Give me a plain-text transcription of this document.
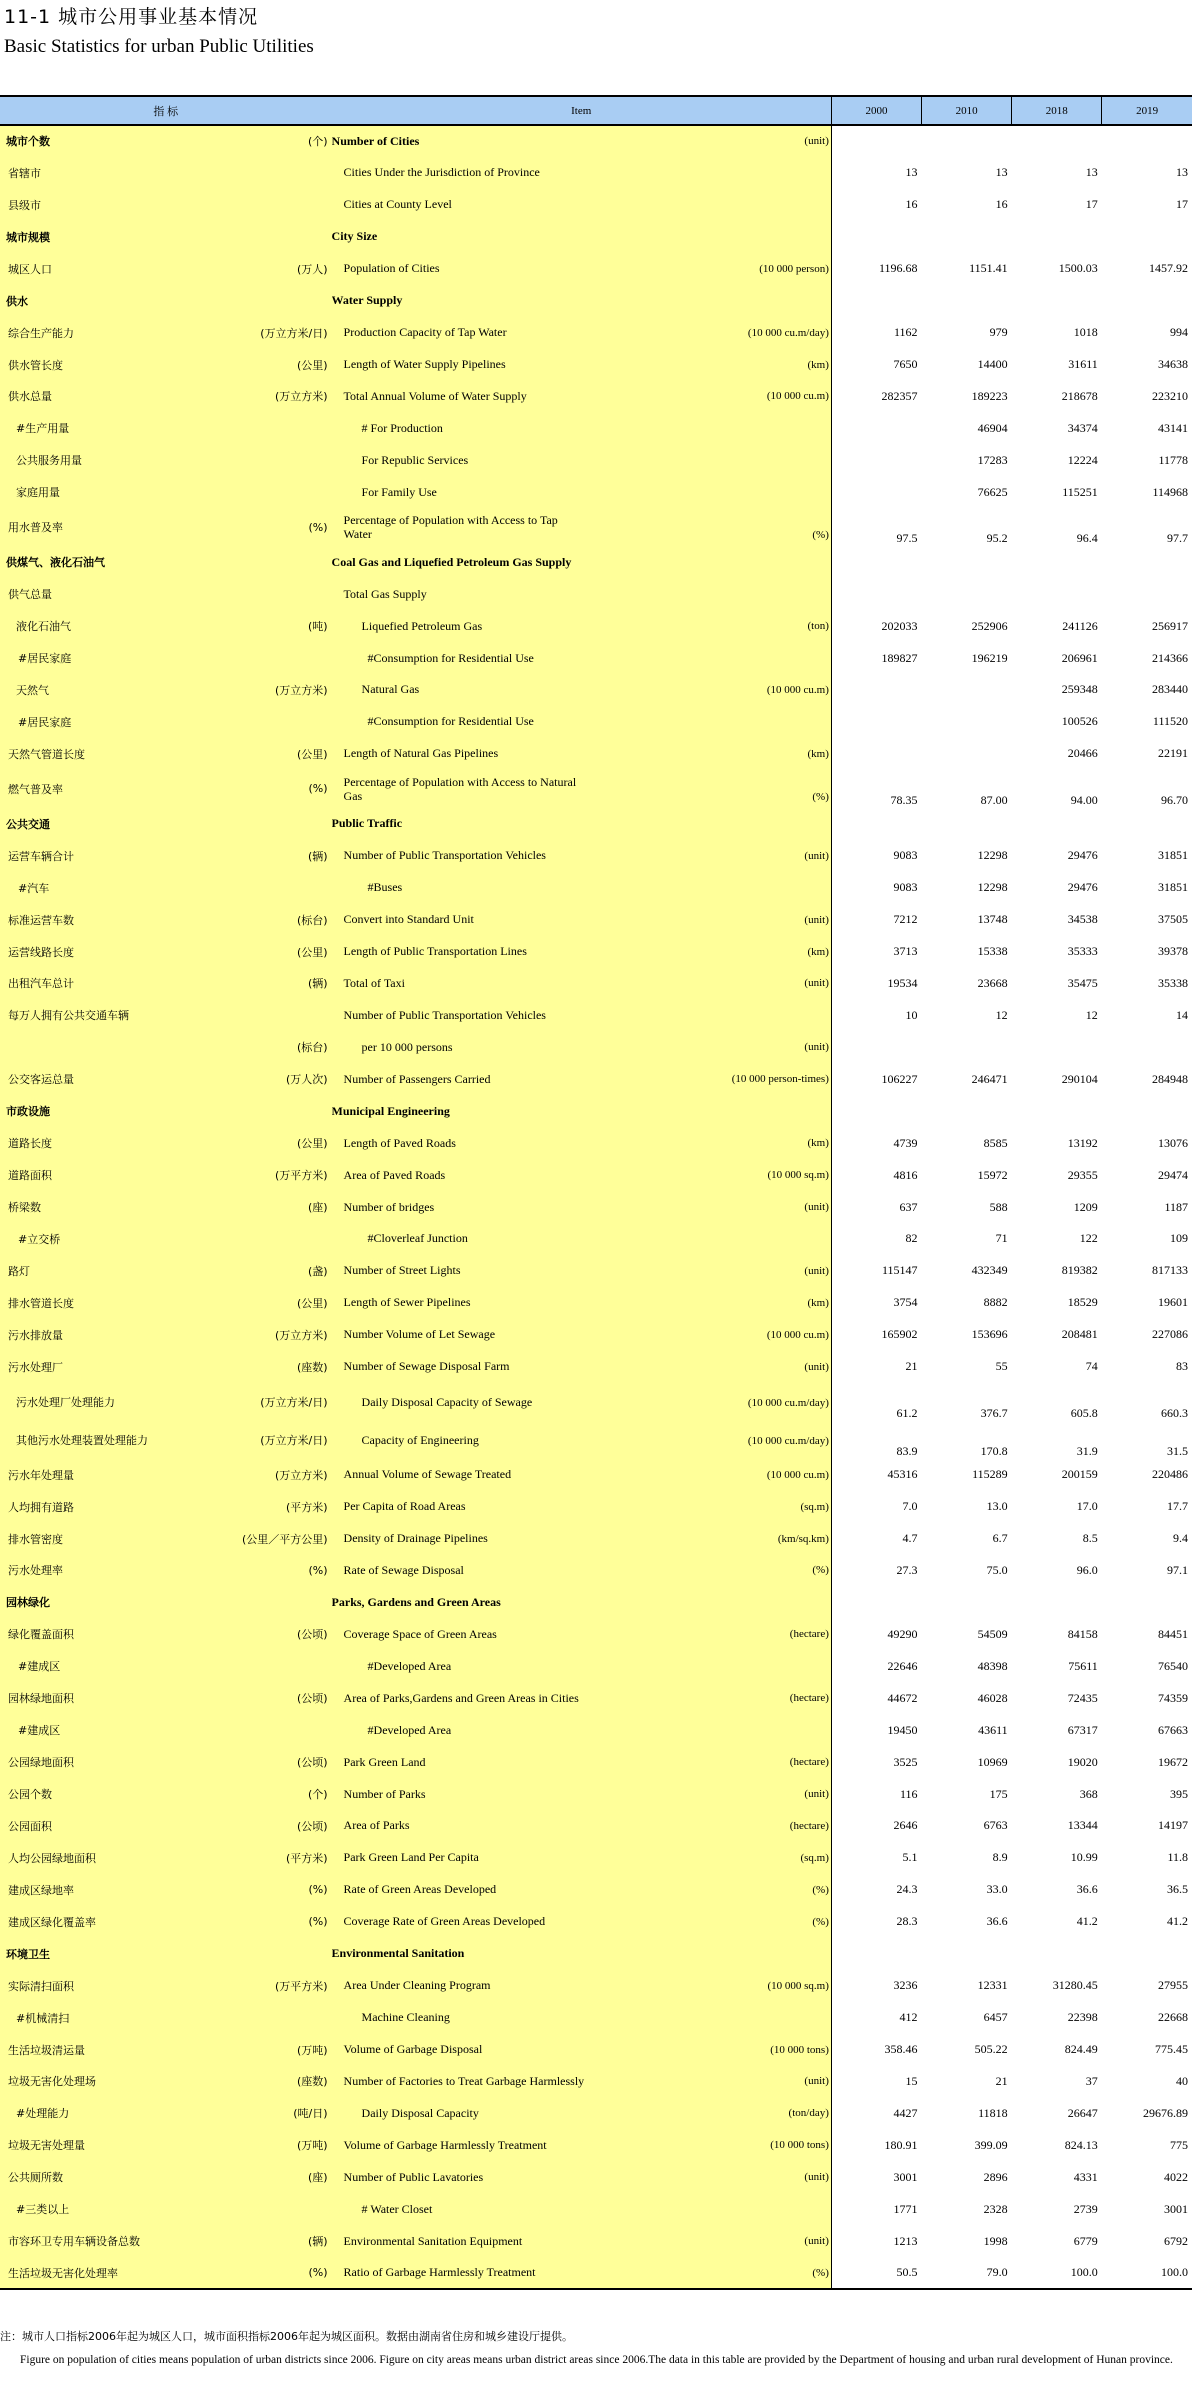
11-1 城市公用事业基本情况
Basic Statistics for urban Public Utilities
指 标	Item	2000	2010	2018	2019

城市个数 (个)	Number of Cities (unit)				

省辖市	Cities Under the Jurisdiction of Province	13	13	13	13

县级市	Cities at County Level	16	16	17	17

城市规模	City Size				

城区人口 (万人)	Population of Cities (10 000 person)	1196.68	1151.41	1500.03	1457.92

供水	Water Supply				

综合生产能力 (万立方米/日)	Production Capacity of Tap Water (10 000 cu.m/day)	1162	979	1018	994

供水管长度 (公里)	Length of Water Supply Pipelines (km)	7650	14400	31611	34638

供水总量 (万立方米)	Total Annual Volume of Water Supply (10 000 cu.m)	282357	189223	218678	223210

#生产用量	# For Production		46904	34374	43141

公共服务用量	For Republic Services		17283	12224	11778

家庭用量	For Family Use		76625	115251	114968

用水普及率 (%)	Percentage of Population with Access to Tap Water (%)	97.5	95.2	96.4	97.7

供煤气、液化石油气	Coal Gas and Liquefied Petroleum Gas Supply				

供气总量	Total Gas Supply				

液化石油气 (吨)	Liquefied Petroleum Gas (ton)	202033	252906	241126	256917

#居民家庭	#Consumption for Residential Use	189827	196219	206961	214366

天然气 (万立方米)	Natural Gas (10 000 cu.m)			259348	283440

#居民家庭	#Consumption for Residential Use			100526	111520

天然气管道长度 (公里)	Length of Natural Gas Pipelines (km)			20466	22191

燃气普及率 (%)	Percentage of Population with Access to Natural Gas (%)	78.35	87.00	94.00	96.70

公共交通	Public Traffic				

运营车辆合计 (辆)	Number of Public Transportation Vehicles (unit)	9083	12298	29476	31851

#汽车	#Buses	9083	12298	29476	31851

标准运营车数 (标台)	Convert into Standard Unit (unit)	7212	13748	34538	37505

运营线路长度 (公里)	Length of Public Transportation Lines (km)	3713	15338	35333	39378

出租汽车总计 (辆)	Total of Taxi (unit)	19534	23668	35475	35338

每万人拥有公共交通车辆	Number of Public Transportation Vehicles	10	12	12	14

(标台)	per 10 000 persons (unit)				

公交客运总量 (万人次)	Number of Passengers Carried (10 000 person-times)	106227	246471	290104	284948

市政设施	Municipal Engineering				

道路长度 (公里)	Length of Paved Roads (km)	4739	8585	13192	13076

道路面积 (万平方米)	Area of Paved Roads (10 000 sq.m)	4816	15972	29355	29474

桥梁数 (座)	Number of bridges (unit)	637	588	1209	1187

#立交桥	#Cloverleaf Junction	82	71	122	109

路灯 (盏)	Number of Street Lights (unit)	115147	432349	819382	817133

排水管道长度 (公里)	Length of Sewer Pipelines (km)	3754	8882	18529	19601

污水排放量 (万立方米)	Number Volume of Let Sewage (10 000 cu.m)	165902	153696	208481	227086

污水处理厂 (座数)	Number of Sewage Disposal Farm (unit)	21	55	74	83

污水处理厂处理能力 (万立方米/日)	Daily Disposal Capacity of Sewage (10 000 cu.m/day)	61.2	376.7	605.8	660.3

其他污水处理装置处理能力 (万立方米/日)	Capacity of Engineering (10 000 cu.m/day)	83.9	170.8	31.9	31.5

污水年处理量 (万立方米)	Annual Volume of Sewage Treated (10 000 cu.m)	45316	115289	200159	220486

人均拥有道路 (平方米)	Per Capita of Road Areas (sq.m)	7.0	13.0	17.0	17.7

排水管密度 (公里／平方公里)	Density of Drainage Pipelines (km/sq.km)	4.7	6.7	8.5	9.4

污水处理率 (%)	Rate of Sewage Disposal (%)	27.3	75.0	96.0	97.1

园林绿化	Parks, Gardens and Green Areas				

绿化覆盖面积 (公顷)	Coverage Space of Green Areas (hectare)	49290	54509	84158	84451

#建成区	#Developed Area	22646	48398	75611	76540

园林绿地面积 (公顷)	Area of Parks,Gardens and Green Areas in Cities (hectare)	44672	46028	72435	74359

#建成区	#Developed Area	19450	43611	67317	67663

公园绿地面积 (公顷)	Park Green Land (hectare)	3525	10969	19020	19672

公园个数 (个)	Number of Parks (unit)	116	175	368	395

公园面积 (公顷)	Area of Parks (hectare)	2646	6763	13344	14197

人均公园绿地面积 (平方米)	Park Green Land Per Capita (sq.m)	5.1	8.9	10.99	11.8

建成区绿地率 (%)	Rate of Green Areas Developed (%)	24.3	33.0	36.6	36.5

建成区绿化覆盖率 (%)	Coverage Rate of Green Areas Developed (%)	28.3	36.6	41.2	41.2

环境卫生	Environmental Sanitation				

实际清扫面积 (万平方米)	Area Under Cleaning Program (10 000 sq.m)	3236	12331	31280.45	27955

#机械清扫	Machine Cleaning	412	6457	22398	22668

生活垃圾清运量 (万吨)	Volume of Garbage Disposal (10 000 tons)	358.46	505.22	824.49	775.45

垃圾无害化处理场 (座数)	Number of Factories to Treat Garbage Harmlessly (unit)	15	21	37	40

#处理能力 (吨/日)	Daily Disposal Capacity (ton/day)	4427	11818	26647	29676.89

垃圾无害处理量 (万吨)	Volume of Garbage Harmlessly Treatment (10 000 tons)	180.91	399.09	824.13	775

公共厕所数 (座)	Number of Public Lavatories (unit)	3001	2896	4331	4022

#三类以上	# Water Closet	1771	2328	2739	3001

市容环卫专用车辆设备总数 (辆)	Environmental Sanitation Equipment (unit)	1213	1998	6779	6792

生活垃圾无害化处理率 (%)	Ratio of Garbage Harmlessly Treatment (%)	50.5	79.0	100.0	100.0
注：城市人口指标2006年起为城区人口，城市面积指标2006年起为城区面积。数据由湖南省住房和城乡建设厅提供。
Figure on population of cities means population of urban districts since 2006. Figure on city areas means urban district areas since 2006.The data in this table are provided by the Department of housing and urban rural development of Hunan province.
